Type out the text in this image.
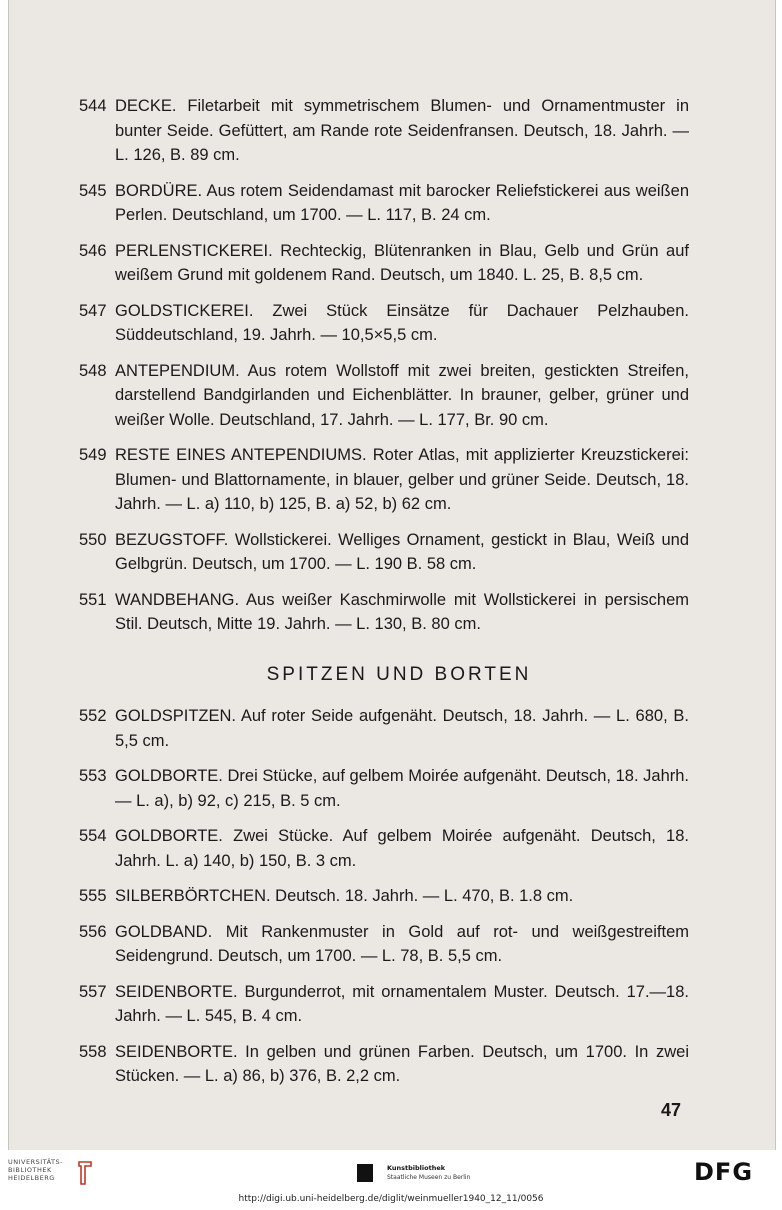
544 DECKE. Filetarbeit mit symmetrischem Blumen- und Ornamentmuster in bunter Seide. Gefüttert, am Rande rote Seidenfransen. Deutsch, 18. Jahrh. — L. 126, B. 89 cm.
545 BORDÜRE. Aus rotem Seidendamast mit barocker Reliefstickerei aus weißen Perlen. Deutschland, um 1700. — L. 117, B. 24 cm.
546 PERLENSTICKEREI. Rechteckig, Blütenranken in Blau, Gelb und Grün auf weißem Grund mit goldenem Rand. Deutsch, um 1840. L. 25, B. 8,5 cm.
547 GOLDSTICKEREI. Zwei Stück Einsätze für Dachauer Pelzhauben. Süddeutschland, 19. Jahrh. — 10,5×5,5 cm.
548 ANTEPENDIUM. Aus rotem Wollstoff mit zwei breiten, gestickten Streifen, darstellend Bandgirlanden und Eichenblätter. In brauner, gelber, grüner und weißer Wolle. Deutschland, 17. Jahrh. — L. 177, Br. 90 cm.
549 RESTE EINES ANTEPENDIUMS. Roter Atlas, mit applizierter Kreuzstickerei: Blumen- und Blattornamente, in blauer, gelber und grüner Seide. Deutsch, 18. Jahrh. — L. a) 110, b) 125, B. a) 52, b) 62 cm.
550 BEZUGSTOFF. Wollstickerei. Welliges Ornament, gestickt in Blau, Weiß und Gelbgrün. Deutsch, um 1700. — L. 190 B. 58 cm.
551 WANDBEHANG. Aus weißer Kaschmirwolle mit Wollstickerei in persischem Stil. Deutsch, Mitte 19. Jahrh. — L. 130, B. 80 cm.
SPITZEN UND BORTEN
552 GOLDSPITZEN. Auf roter Seide aufgenäht. Deutsch, 18. Jahrh. — L. 680, B. 5,5 cm.
553 GOLDBORTE. Drei Stücke, auf gelbem Moirée aufgenäht. Deutsch, 18. Jahrh. — L. a), b) 92, c) 215, B. 5 cm.
554 GOLDBORTE. Zwei Stücke. Auf gelbem Moirée aufgenäht. Deutsch, 18. Jahrh. L. a) 140, b) 150, B. 3 cm.
555 SILBERBÖRTCHEN. Deutsch. 18. Jahrh. — L. 470, B. 1.8 cm.
556 GOLDBAND. Mit Rankenmuster in Gold auf rot- und weißgestreiftem Seidengrund. Deutsch, um 1700. — L. 78, B. 5,5 cm.
557 SEIDENBORTE. Burgunderrot, mit ornamentalem Muster. Deutsch. 17.—18. Jahrh. — L. 545, B. 4 cm.
558 SEIDENBORTE. In gelben und grünen Farben. Deutsch, um 1700. In zwei Stücken. — L. a) 86, b) 376, B. 2,2 cm.
47
UNIVERSITÄTS- BIBLIOTHEK HEIDELBERG
Kunstbibliothek
Staatliche Museen zu Berlin	DFG
http://digi.ub.uni-heidelberg.de/diglit/weinmueller1940_12_11/0056
